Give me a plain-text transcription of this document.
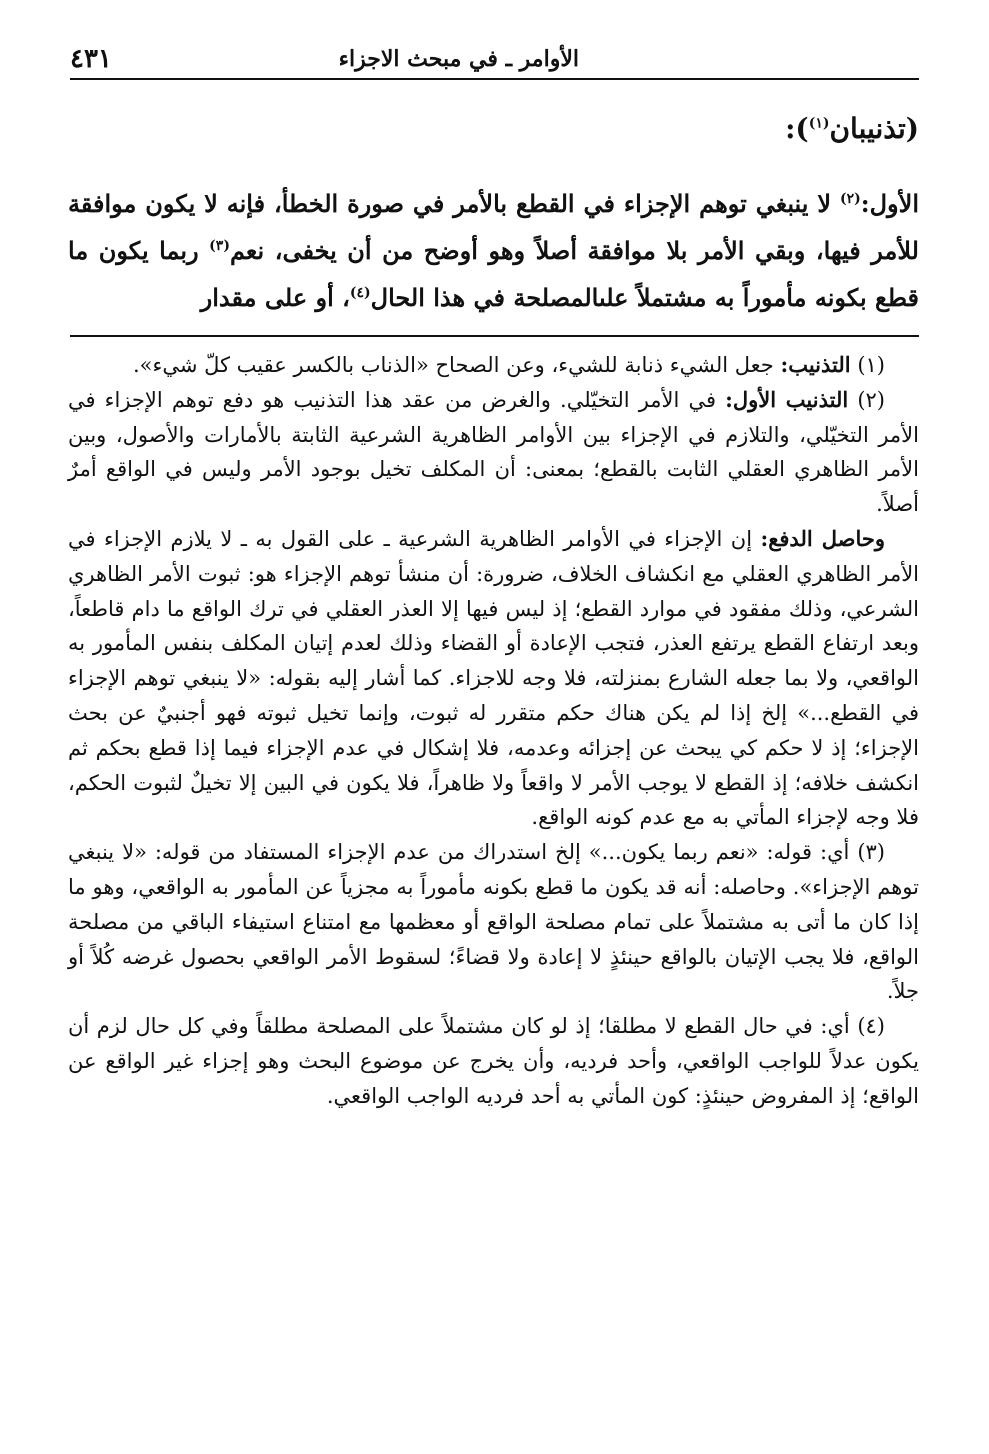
الأوامر ـ في مبحث الاجزاء
٤٣١
(تذنيبان$^{(١)}$):
الأول:$^{(٢)}$ لا ينبغي توهم الإجزاء في القطع بالأمر في صورة الخطأ، فإنه لا يكون موافقة للأمر فيها، وبقي الأمر بلا موافقة أصلاً وهو أوضح من أن يخفى، نعم$^{(٣)}$ ربما يكون ما قطع بكونه مأموراً به مشتملاً علىالمصلحة في هذا الحال$^{(٤)}$، أو على مقدار

(١) التذنيب: جعل الشيء ذنابة للشيء، وعن الصحاح «الذناب بالكسر عقيب كلّ شيء».

(٢) التذنيب الأول: في الأمر التخيّلي. والغرض من عقد هذا التذنيب هو دفع توهم الإجزاء في الأمر التخيّلي، والتلازم في الإجزاء بين الأوامر الظاهرية الشرعية الثابتة بالأمارات والأصول، وبين الأمر الظاهري العقلي الثابت بالقطع؛ بمعنى: أن المكلف تخيل بوجود الأمر وليس في الواقع أمرٌ أصلاً.

وحاصل الدفع: إن الإجزاء في الأوامر الظاهرية الشرعية ـ على القول به ـ لا يلازم الإجزاء في الأمر الظاهري العقلي مع انكشاف الخلاف، ضرورة: أن منشأ توهم الإجزاء هو: ثبوت الأمر الظاهري الشرعي، وذلك مفقود في موارد القطع؛ إذ ليس فيها إلا العذر العقلي في ترك الواقع ما دام قاطعاً، وبعد ارتفاع القطع يرتفع العذر، فتجب الإعادة أو القضاء وذلك لعدم إتيان المكلف بنفس المأمور به الواقعي، ولا بما جعله الشارع بمنزلته، فلا وجه للاجزاء. كما أشار إليه بقوله: «لا ينبغي توهم الإجزاء في القطع...» إلخ إذا لم يكن هناك حكم متقرر له ثبوت، وإنما تخيل ثبوته فهو أجنبيٌ عن بحث الإجزاء؛ إذ لا حكم كي يبحث عن إجزائه وعدمه، فلا إشكال في عدم الإجزاء فيما إذا قطع بحكم ثم انكشف خلافه؛ إذ القطع لا يوجب الأمر لا واقعاً ولا ظاهراً، فلا يكون في البين إلا تخيلٌ لثبوت الحكم، فلا وجه لإجزاء المأتي به مع عدم كونه الواقع.

(٣) أي: قوله: «نعم ربما يكون...» إلخ استدراك من عدم الإجزاء المستفاد من قوله: «لا ينبغي توهم الإجزاء». وحاصله: أنه قد يكون ما قطع بكونه مأموراً به مجزياً عن المأمور به الواقعي، وهو ما إذا كان ما أتى به مشتملاً على تمام مصلحة الواقع أو معظمها مع امتناع استيفاء الباقي من مصلحة الواقع، فلا يجب الإتيان بالواقع حينئذٍ لا إعادة ولا قضاءً؛ لسقوط الأمر الواقعي بحصول غرضه كُلاً أو جلاً.

(٤) أي: في حال القطع لا مطلقا؛ إذ لو كان مشتملاً على المصلحة مطلقاً وفي كل حال لزم أن يكون عدلاً للواجب الواقعي، وأحد فرديه، وأن يخرج عن موضوع البحث وهو إجزاء غير الواقع عن الواقع؛ إذ المفروض حينئذٍ: كون المأتي به أحد فرديه الواجب الواقعي.
